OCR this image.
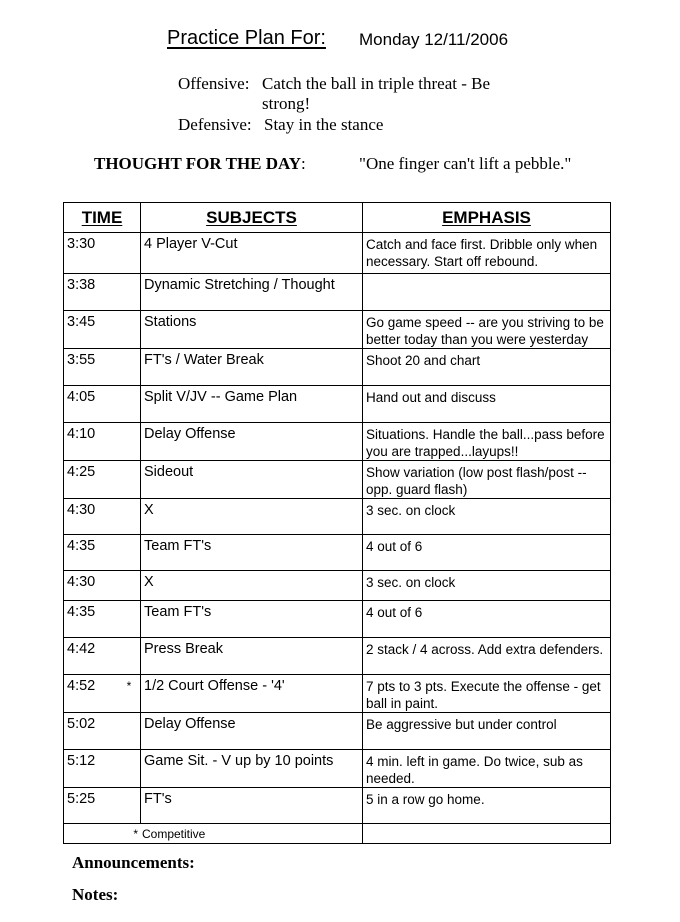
Practice Plan For: Monday 12/11/2006
Offensive: Catch the ball in triple threat - Be
strong!
Defensive: Stay in the stance
THOUGHT FOR THE DAY:	"One finger can't lift a pebble."
TIME	SUBJECTS	EMPHASIS
3:30	4 Player V-Cut	Catch and face first. Dribble only when necessary. Start off rebound.
3:38	Dynamic Stretching / Thought	
3:45	Stations	Go game speed -- are you striving to be better today than you were yesterday
3:55	FT's / Water Break	Shoot 20 and chart
4:05	Split V/JV -- Game Plan	Hand out and discuss
4:10	Delay Offense	Situations. Handle the ball...pass before you are trapped...layups!!
4:25	Sideout	Show variation (low post flash/post -- opp. guard flash)
4:30	X	3 sec. on clock
4:35	Team FT's	4 out of 6
4:30	X	3 sec. on clock
4:35	Team FT's	4 out of 6
4:42	Press Break	2 stack / 4 across. Add extra defenders.
4:52 *	1/2 Court Offense - '4'	7 pts to 3 pts. Execute the offense - get ball in paint.
5:02	Delay Offense	Be aggressive but under control
5:12	Game Sit. - V up by 10 points	4 min. left in game. Do twice, sub as needed.
5:25	FT's	5 in a row go home.
* Competitive		
Announcements:
Notes:
